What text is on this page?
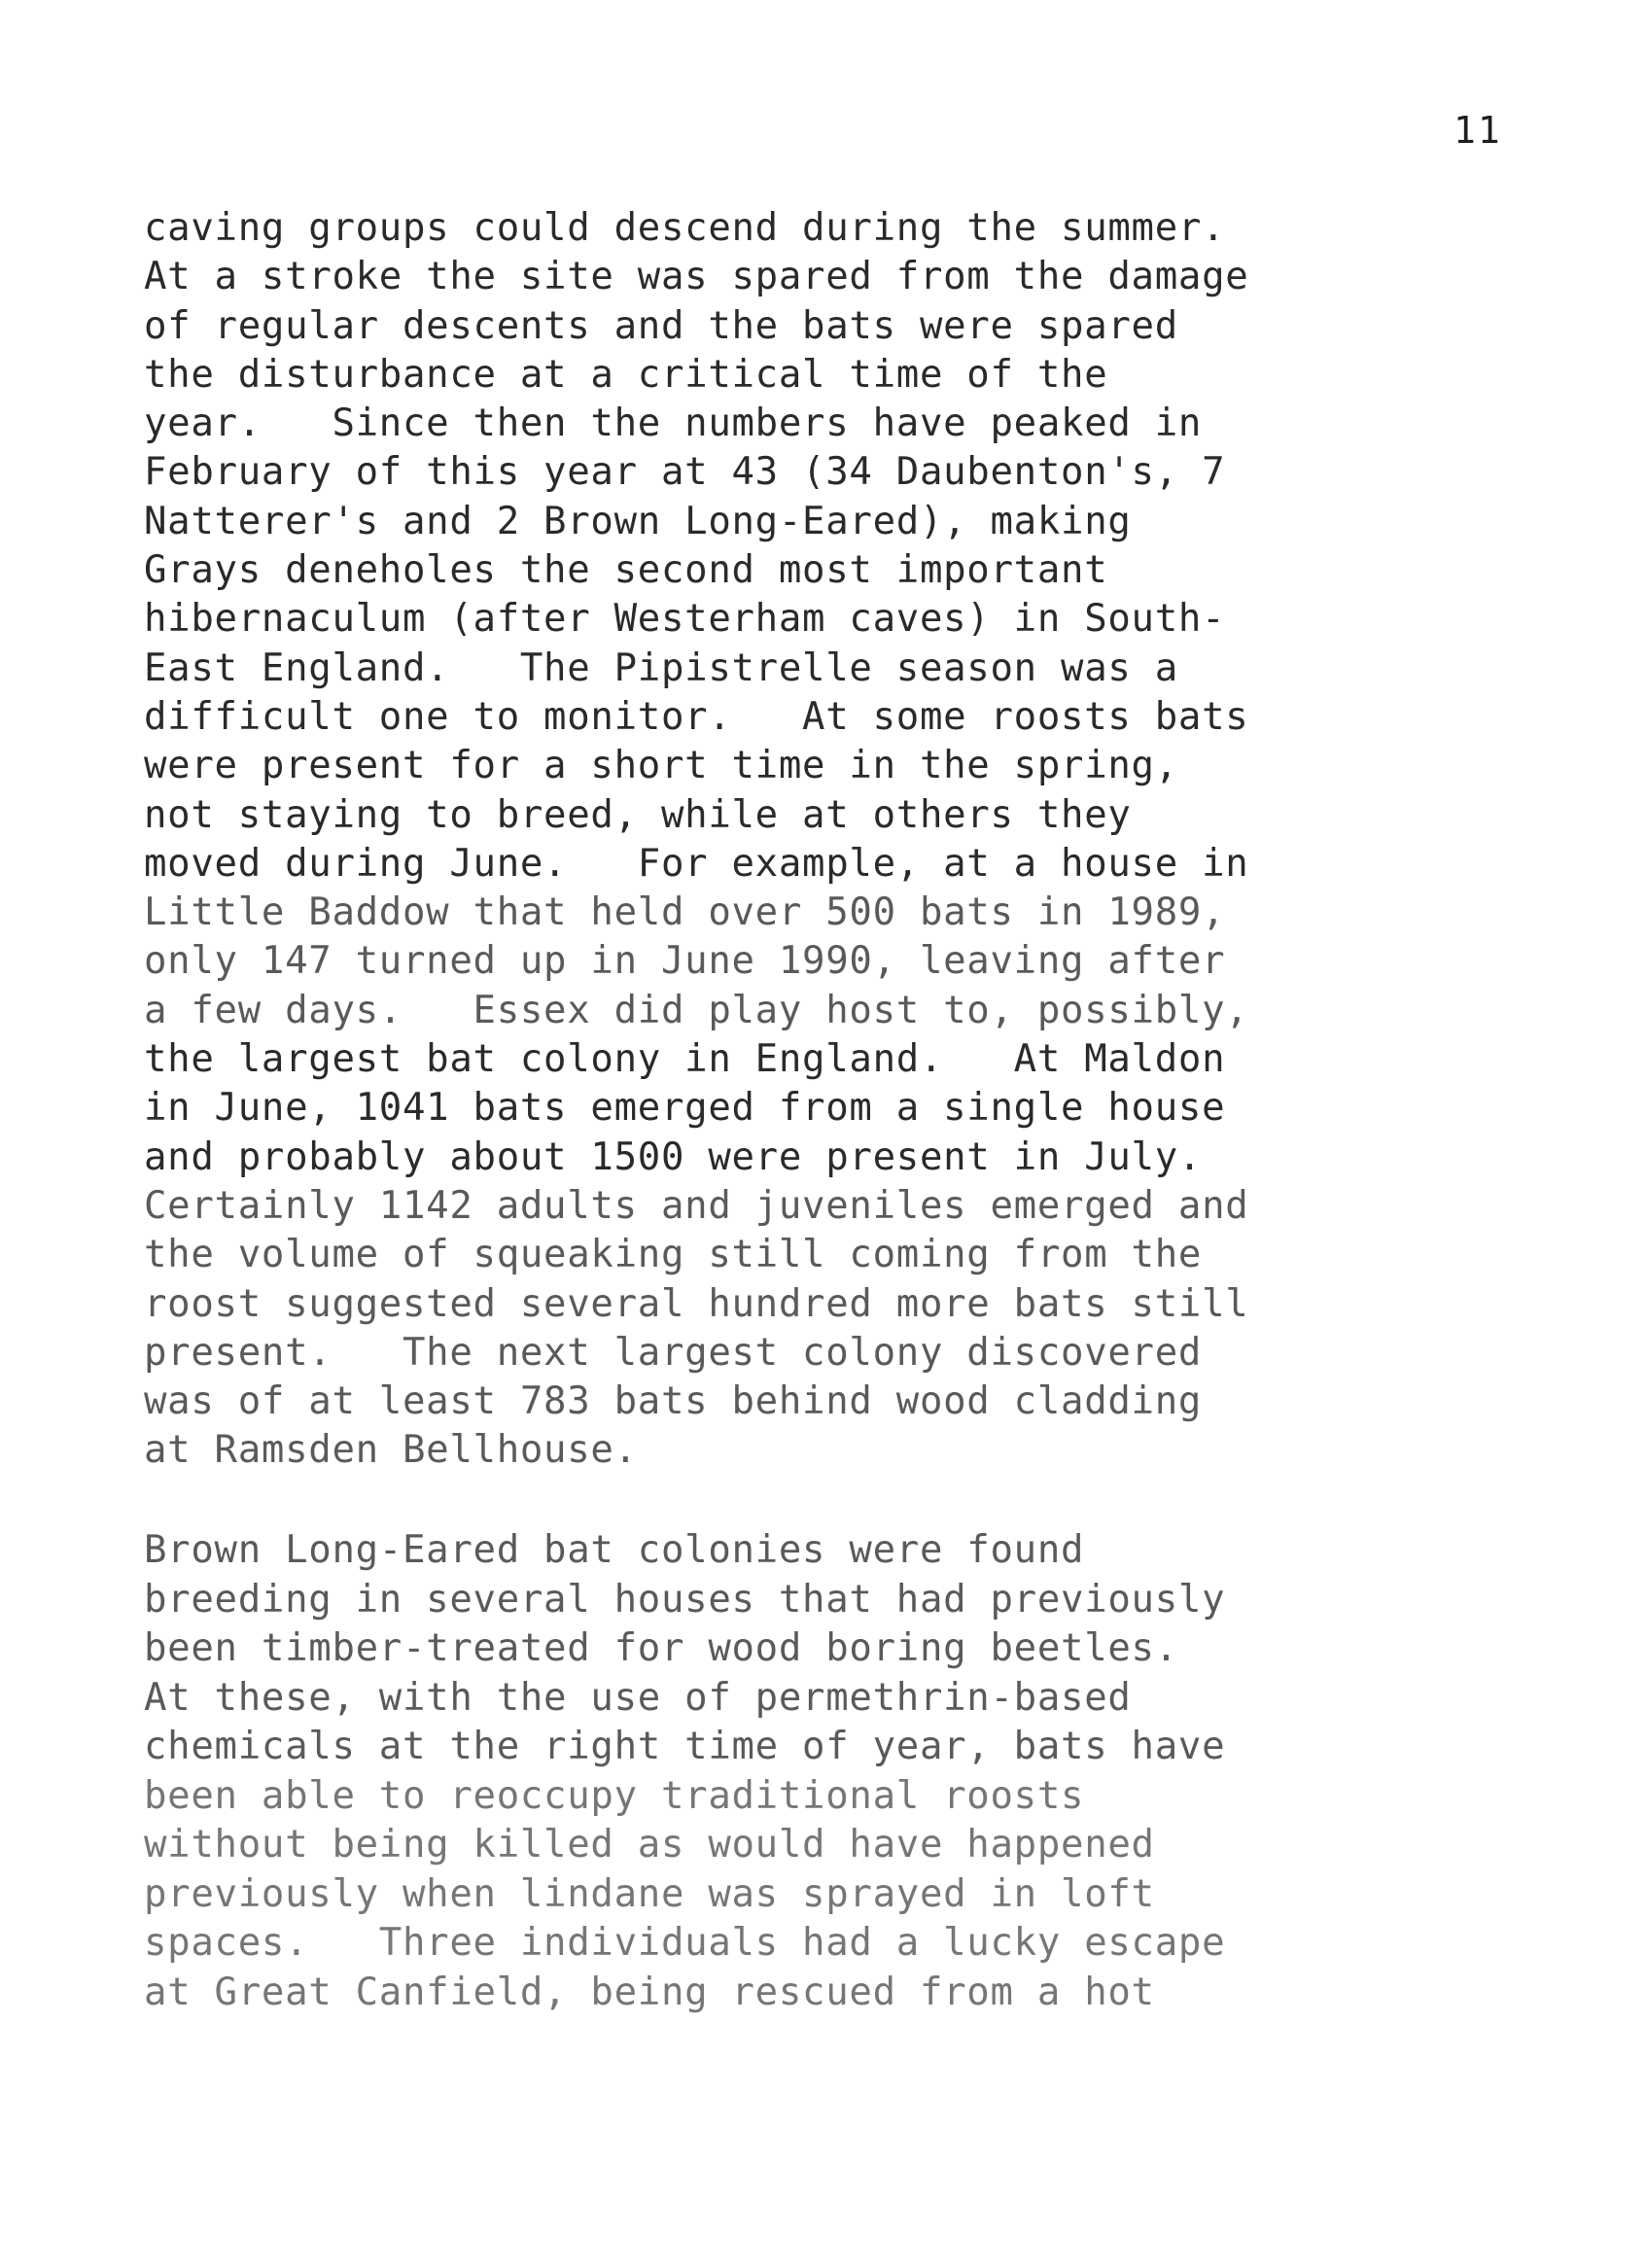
11
caving groups could descend during the summer.
At a stroke the site was spared from the damage
of regular descents and the bats were spared
the disturbance at a critical time of the
year.   Since then the numbers have peaked in
February of this year at 43 (34 Daubenton's, 7
Natterer's and 2 Brown Long-Eared), making
Grays deneholes the second most important
hibernaculum (after Westerham caves) in South-
East England.   The Pipistrelle season was a
difficult one to monitor.   At some roosts bats
were present for a short time in the spring,
not staying to breed, while at others they
moved during June.   For example, at a house in
Little Baddow that held over 500 bats in 1989,
only 147 turned up in June 1990, leaving after
a few days.   Essex did play host to, possibly,
the largest bat colony in England.   At Maldon
in June, 1041 bats emerged from a single house
and probably about 1500 were present in July.
Certainly 1142 adults and juveniles emerged and
the volume of squeaking still coming from the
roost suggested several hundred more bats still
present.   The next largest colony discovered
was of at least 783 bats behind wood cladding
at Ramsden Bellhouse.
Brown Long-Eared bat colonies were found
breeding in several houses that had previously
been timber-treated for wood boring beetles.
At these, with the use of permethrin-based
chemicals at the right time of year, bats have
been able to reoccupy traditional roosts
without being killed as would have happened
previously when lindane was sprayed in loft
spaces.   Three individuals had a lucky escape
at Great Canfield, being rescued from a hot
